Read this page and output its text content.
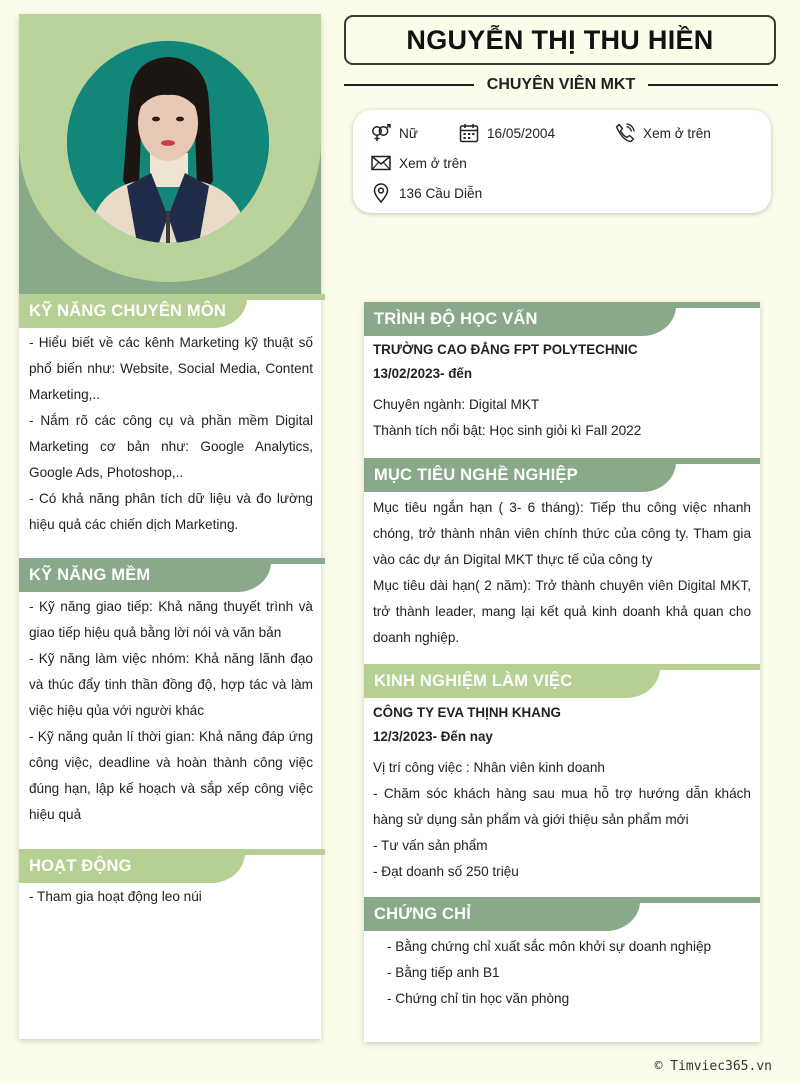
KỸ NĂNG CHUYÊN MÔN

- Hiểu biết về các kênh Marketing kỹ thuật số phổ biến như: Website, Social Media, Content Marketing,..

- Nắm rõ các công cụ và phần mềm Digital Marketing cơ bản như: Google Analytics, Google Ads, Photoshop,..

- Có khả năng phân tích dữ liệu và đo lường hiệu quả các chiến dịch Marketing.

KỸ NĂNG MỀM

- Kỹ năng giao tiếp: Khả năng thuyết trình và giao tiếp hiệu quả bằng lời nói và văn bản

- Kỹ năng làm việc nhóm: Khả năng lãnh đạo và thúc đẩy tinh thần đồng độ, hợp tác và làm việc hiệu qủa với người khác

- Kỹ năng quản lí thời gian: Khả năng đáp ứng công việc, deadline và hoàn thành công việc đúng hạn, lập kế hoạch và sắp xếp công việc hiệu quả

HOẠT ĐỘNG

- Tham gia hoạt động leo núi

NGUYỄN THỊ THU HIỀN
CHUYÊN VIÊN MKT
Nữ	16/05/2004	Xem ở trên
Xem ở trên
136 Cầu Diễn
TRÌNH ĐỘ HỌC VẤN

TRƯỜNG CAO ĐẲNG FPT POLYTECHNIC

13/02/2023- đến

Chuyên ngành: Digital MKT

Thành tích nổi bật: Học sinh giỏi kì Fall 2022

MỤC TIÊU NGHỀ NGHIỆP

Mục tiêu ngắn hạn ( 3- 6 tháng): Tiếp thu công việc nhanh chóng, trở thành nhân viên chính thức của công ty. Tham gia vào các dự án Digital MKT thực tế của công ty

Mục tiêu dài hạn( 2 năm): Trở thành chuyên viên Digital MKT, trở thành leader, mang lại kết quả kinh doanh khả quan cho doanh nghiệp.

KINH NGHIỆM LÀM VIỆC

CÔNG TY EVA THỊNH KHANG

12/3/2023- Đến nay

Vị trí công việc : Nhân viên kinh doanh

- Chăm sóc khách hàng sau mua hỗ trợ hướng dẫn khách hàng sử dụng sản phẩm và giới thiệu sản phẩm mới

- Tư vấn sản phẩm

- Đạt doanh số 250 triệu

CHỨNG CHỈ

- Bằng chứng chỉ xuất sắc môn khởi sự doanh nghiệp

- Bằng tiếp anh B1

- Chứng chỉ tin học văn phòng

© Timviec365.vn
